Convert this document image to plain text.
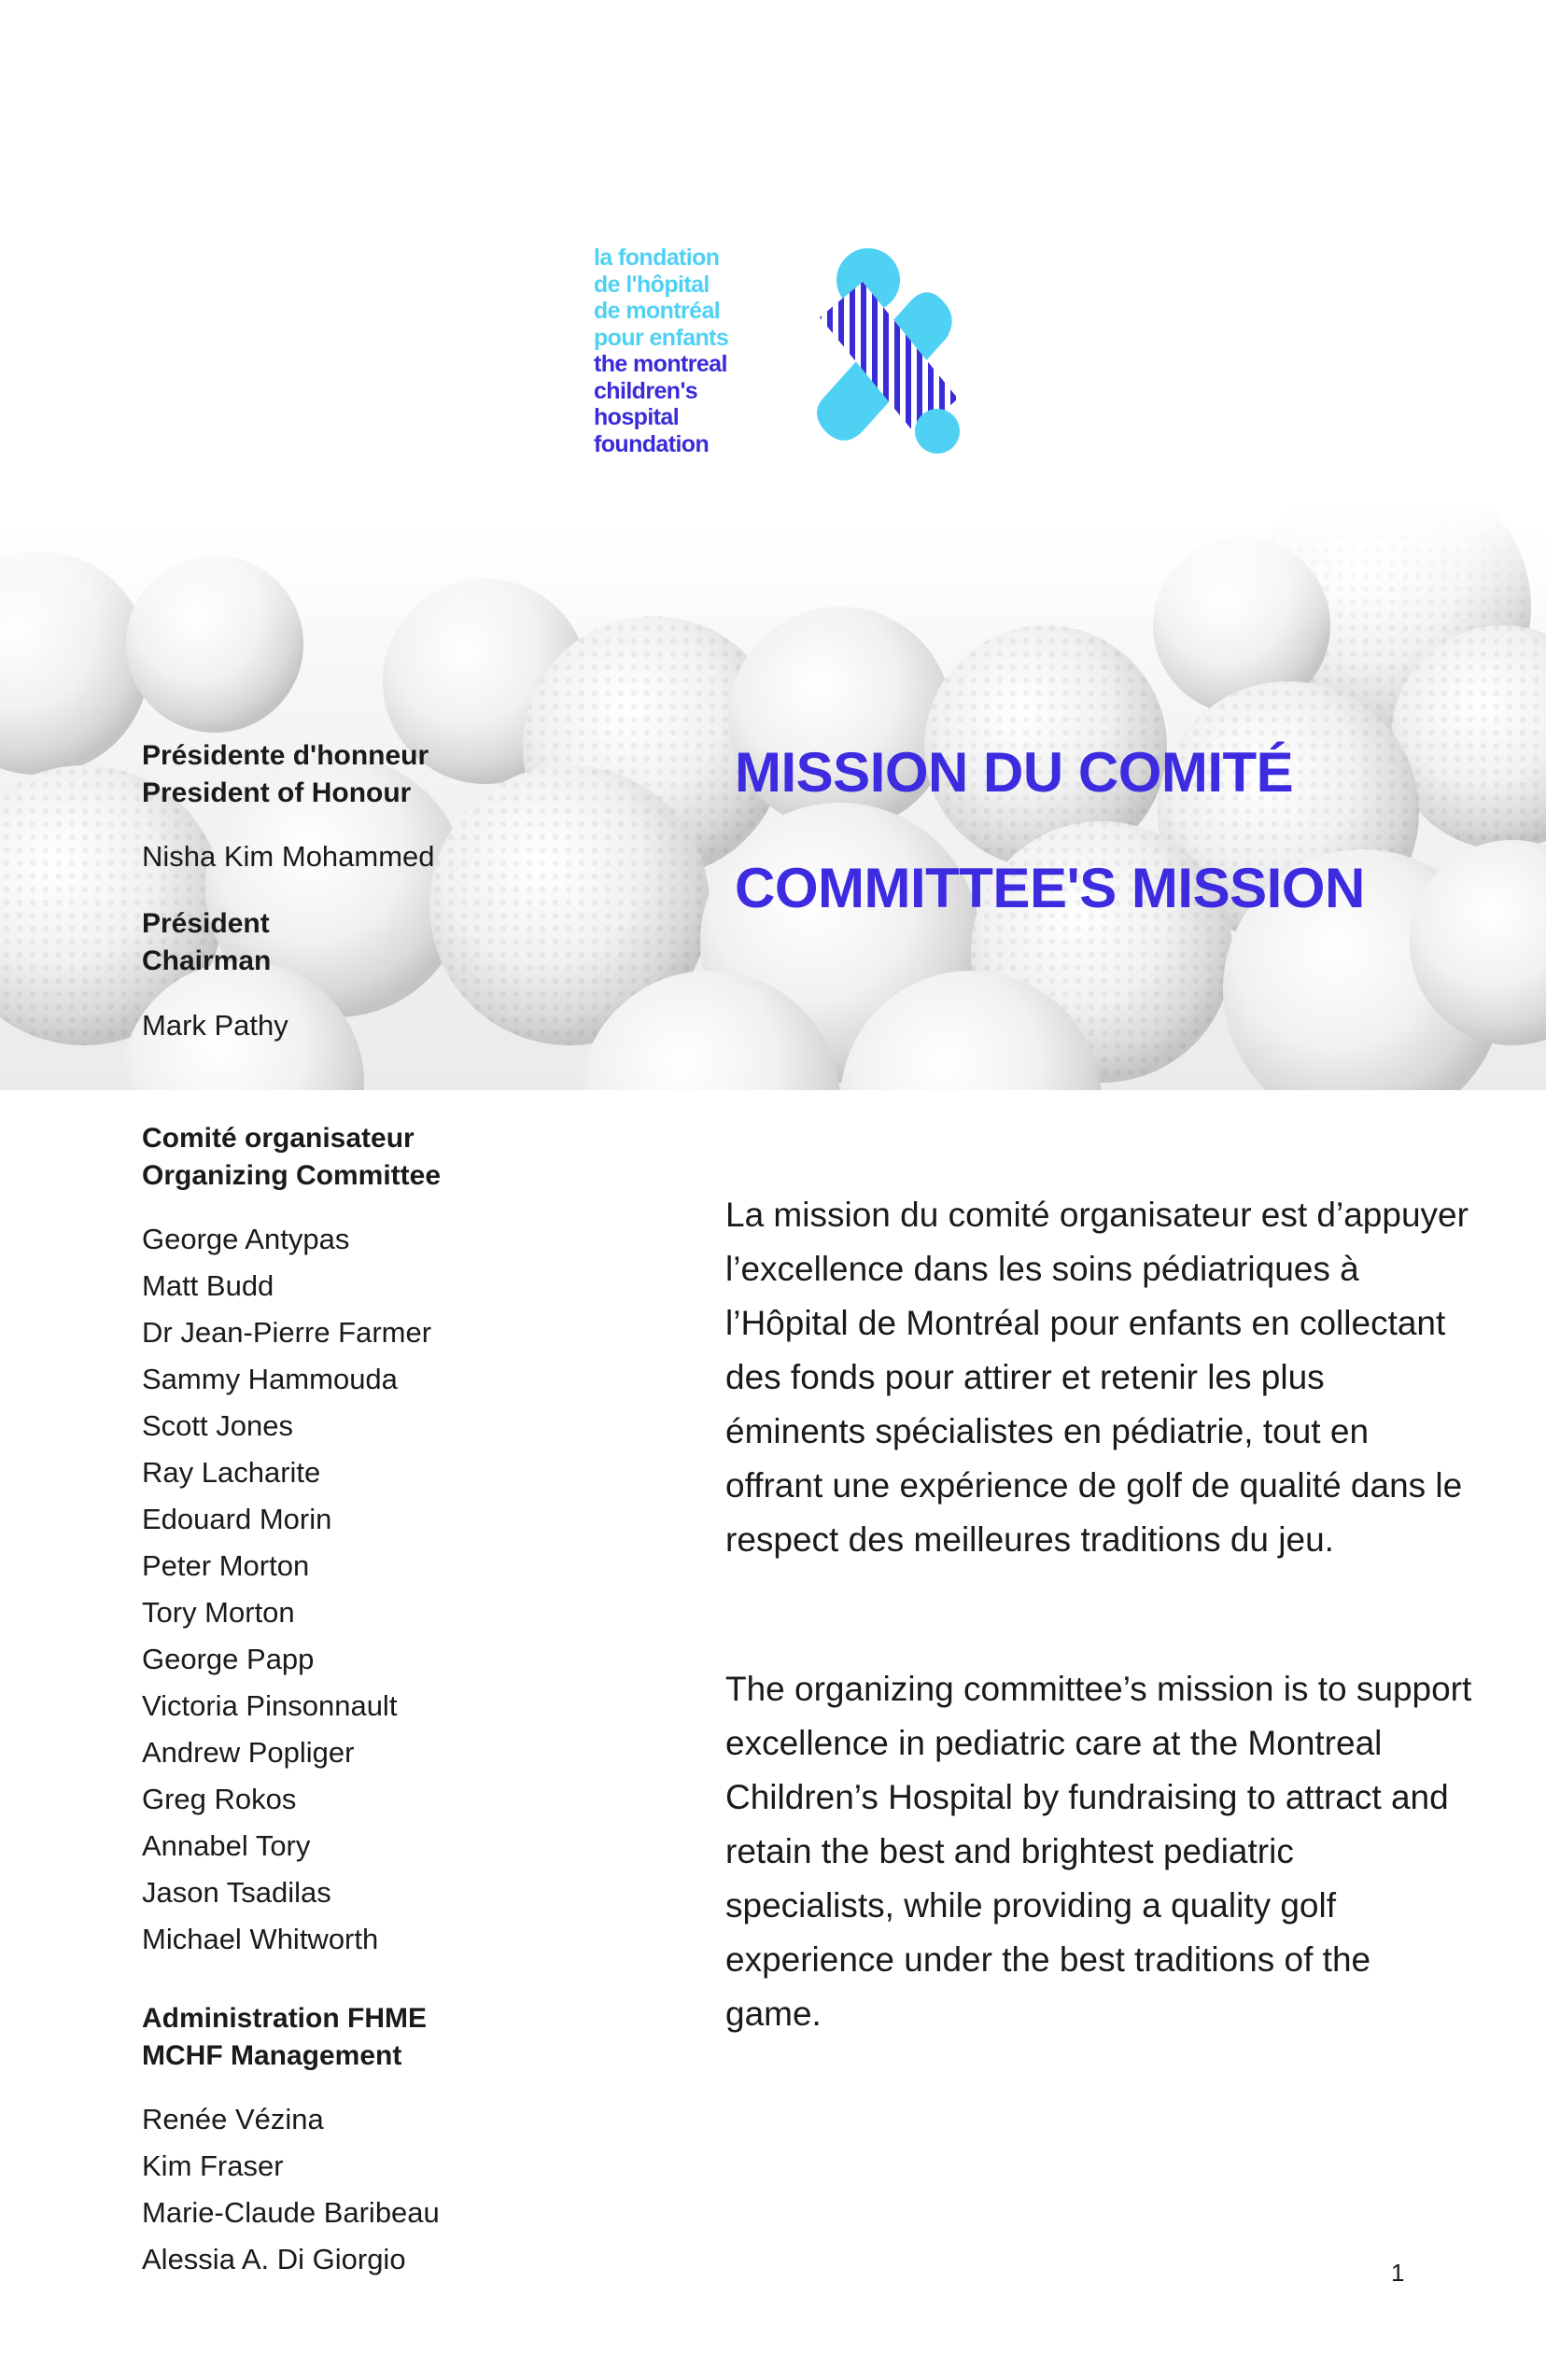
la fondation
de l'hôpital
de montréal
pour enfants
the montreal
children's
hospital
foundation
MISSION DU COMITÉ
COMMITTEE'S MISSION

Présidente d'honneur

President of Honour

Nisha Kim Mohammed

Président

Chairman

Mark Pathy

Comité organisateur

Organizing Committee

George Antypas
Matt Budd
Dr Jean-Pierre Farmer
Sammy Hammouda
Scott Jones
Ray Lacharite
Edouard Morin
Peter Morton
Tory Morton
George Papp
Victoria Pinsonnault
Andrew Popliger
Greg Rokos
Annabel Tory
Jason Tsadilas
Michael Whitworth

Administration FHME

MCHF Management

Renée Vézina
Kim Fraser
Marie-Claude Baribeau
Alessia A. Di Giorgio

La mission du comité organisateur est d’appuyer l’excellence dans les soins pédiatriques à l’Hôpital de Montréal pour enfants en collectant des fonds pour attirer et retenir les plus éminents spécialistes en pédiatrie, tout en offrant une expérience de golf de qualité dans le respect des meilleures traditions du jeu.

The organizing committee’s mission is to support excellence in pediatric care at the Montreal Children’s Hospital by fundraising to attract and retain the best and brightest pediatric specialists, while providing a quality golf experience under the best traditions of the game.

1
